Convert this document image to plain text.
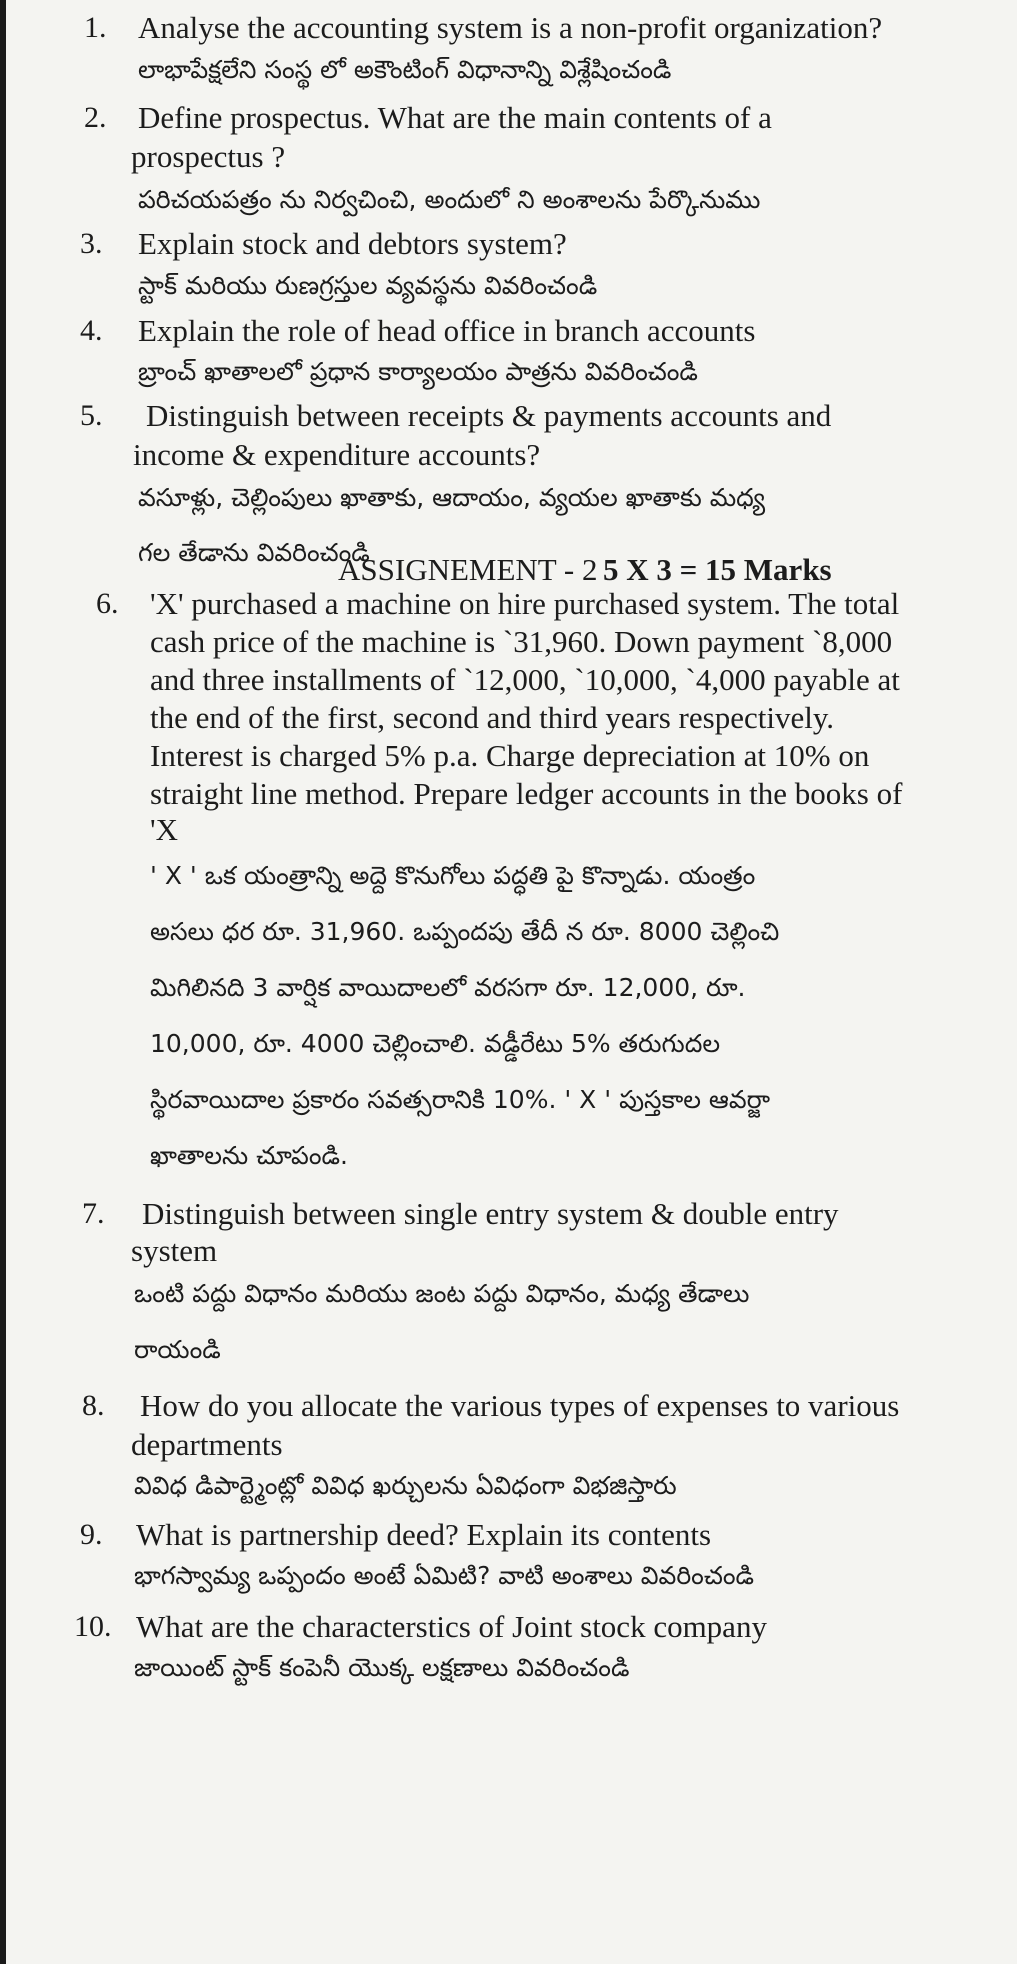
1. Analyse the accounting system is a non-profit organization?
లాభాపేక్షలేని సంస్థ లో అకౌంటింగ్ విధానాన్ని విశ్లేషించండి
2. Define prospectus. What are the main contents of a
prospectus ?
పరిచయపత్రం ను నిర్వచించి, అందులో ని అంశాలను పేర్కొనుము
3. Explain stock and debtors system?
స్టాక్ మరియు రుణగ్రస్తుల వ్యవస్థను వివరించండి
4. Explain the role of head office in branch accounts
బ్రాంచ్ ఖాతాలలో ప్రధాన కార్యాలయం పాత్రను వివరించండి
5. Distinguish between receipts & payments accounts and
income & expenditure accounts?
వసూళ్లు, చెల్లింపులు ఖాతాకు, ఆదాయం, వ్యయల ఖాతాకు మధ్య
గల తేడాను వివరించండి
ASSIGNEMENT - 2 5 X 3 = 15 Marks
6. 'X' purchased a machine on hire purchased system. The total
cash price of the machine is `31,960. Down payment `8,000
and three installments of `12,000, `10,000, `4,000 payable at
the end of the first, second and third years respectively.
Interest is charged 5% p.a. Charge depreciation at 10% on
straight line method. Prepare ledger accounts in the books of
'X
' X ' ఒక యంత్రాన్ని అద్దె కొనుగోలు పద్ధతి పై కొన్నాడు. యంత్రం
అసలు ధర రూ. 31,960. ఒప్పందపు తేదీ న రూ. 8000 చెల్లించి
మిగిలినది 3 వార్షిక వాయిదాలలో వరసగా రూ. 12,000, రూ.
10,000, రూ. 4000 చెల్లించాలి. వడ్డీరేటు 5% తరుగుదల
స్థిరవాయిదాల ప్రకారం సవత్సరానికి 10%. ' X ' పుస్తకాల ఆవర్జా
ఖాతాలను చూపండి.
7. Distinguish between single entry system & double entry
system
ఒంటి పద్దు విధానం మరియు జంట పద్దు విధానం, మధ్య తేడాలు
రాయండి
8. How do you allocate the various types of expenses to various
departments
వివిధ డిపార్ట్మెంట్లో వివిధ ఖర్చులను ఏవిధంగా విభజిస్తారు
9. What is partnership deed? Explain its contents
భాగస్వామ్య ఒప్పందం అంటే ఏమిటి? వాటి అంశాలు వివరించండి
10. What are the characterstics of Joint stock company
జాయింట్ స్టాక్ కంపెనీ యొక్క లక్షణాలు వివరించండి
